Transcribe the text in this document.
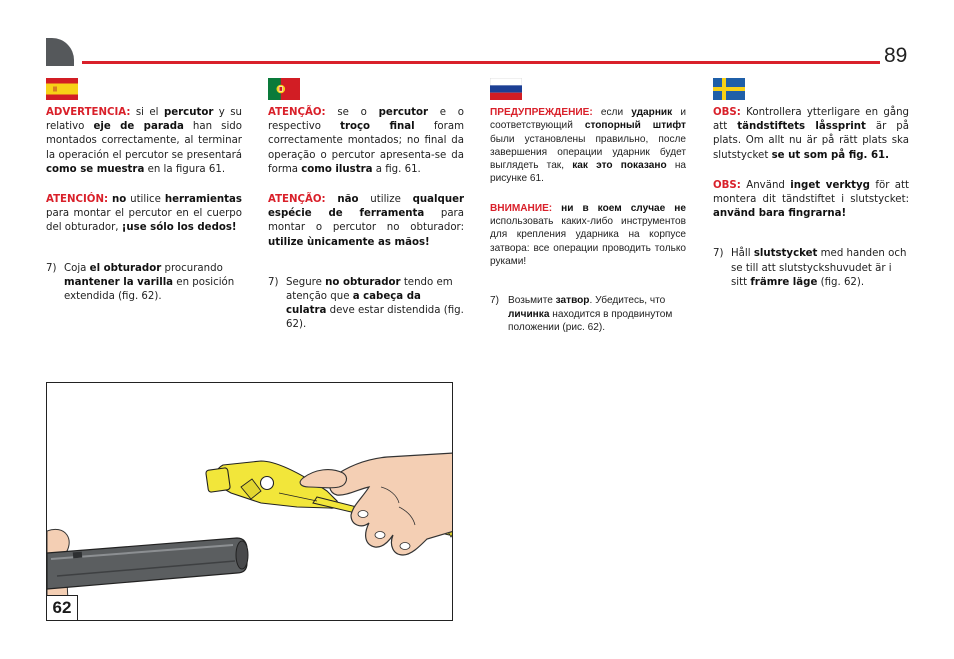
89

ADVERTENCIA: si el percutor y su relativo eje de parada han sido montados correctamente, al terminar la operación el percutor se presentará como se muestra en la figura 61.

ATENCIÓN: no utilice herramientas para montar el percutor en el cuerpo del obturador, ¡use sólo los dedos!

7) Coja el obturador procurando mantener la varilla en posición extendida (fig. 62).

ATENÇÃO: se o percutor e o respectivo troço final foram correctamente montados; no final da operação o percutor apresenta-se da forma como ilustra a fig. 61.

ATENÇÃO: não utilize qualquer espécie de ferramenta para montar o percutor no obturador: utilize ùnicamente as mãos!

7) Segure no obturador tendo em atenção que a cabeça da culatra deve estar distendida (fig. 62).

ПРЕДУПРЕЖДЕНИЕ: если ударник и соответствующий стопорный штифт были установлены правильно, после завершения операции ударник будет выглядеть так, как это показано на рисунке 61.

ВНИМАНИЕ: ни в коем случае не использовать каких-либо инструментов для крепления ударника на корпусе затвора: все операции проводить только руками!

7) Возьмите затвор. Убедитесь, что личинка находится в продвинутом положении (рис. 62).

OBS: Kontrollera ytterligare en gång att tändstiftets låssprint är på plats. Om allt nu är på rätt plats ska slutstycket se ut som på fig. 61.

OBS: Använd inget verktyg för att montera dit tändstiftet i slutstycket: använd bara fingrarna!

7) Håll slutstycket med handen och se till att slutstyckshuvudet är i sitt främre läge (fig. 62).
62
